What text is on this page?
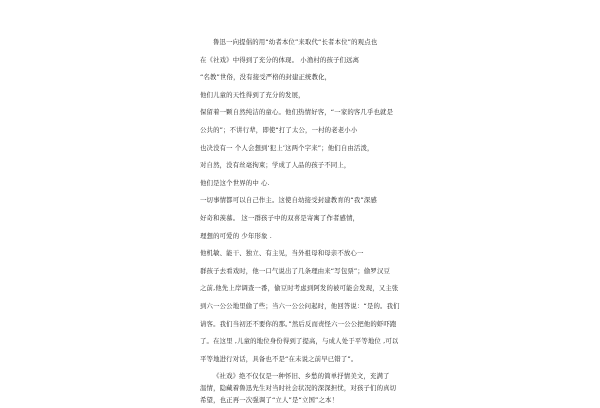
鲁迅一向提倡的用“幼者本位”来取代“长者本位”的观点也
在《社戏》中得到了充分的体现。 小渔村的孩子们远离
“名教”世俗，没有接受严格的封建正统教化，
他们儿童的天性得到了充分的发展，
保留着一颗自然纯洁的童心。他们热情好客，“一家的客几乎也就是
公共的”；不讲行辈，即使“打了太公，一村的老老小小
也决没有一 个人会想到‘犯上’这两个字来”；他们自由活泼，
对自然，没有丝毫拘束；学成了人品的孩子不同上，
他们是这个世界的中 心.
一切事情都可以自己作主。这使自幼接受封建教育的“我”深感
好奇和羡慕。 这一群孩子中的双喜是寄寓了作者感情，
理想的可爱的 少年形象 .
他机敏、能干、独立、有主见，当外祖母和母亲不放心一
群孩子去看戏时，他一口气说出了几条理由来“写包票”；偷罗汉豆
之前,他先上岸调查一番，偷豆时考虑到阿发的被可能会发现，又主张
到六一公公地里偷了些；当六一公公问起时，他回答说：“是的。我们
请客。我们当初还不要你的那。”然后反而责怪六一公公把他的虾吓跑
了。在这里 ,儿童的地位身份得到了提高，与成人处于平等地位 ,可以
平等地进行对话，具备也不是“在未说之前早已错了”。
《社戏》绝不仅仅是一种怀旧、乡愁的简单抒情美文，充满了
温情，隐藏着鲁迅先生对当时社会状况的深深担忧，对孩子们的真切
希望，也正再一次强调了“立人”是“立国”之本！
